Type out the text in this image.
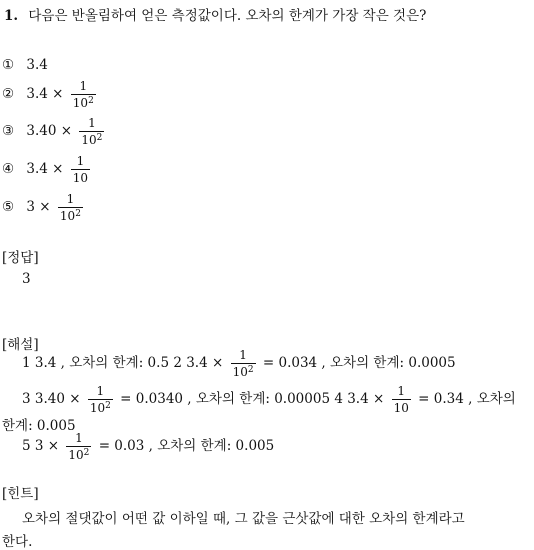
1. 다음은 반올림하여 얻은 측정값이다. 오차의 한계가 가장 작은 것은?
① 3.4
② $3.4 \times \frac{1}{10^2}$
③ $3.40 \times \frac{1}{10^2}$
④ $3.4 \times \frac{1}{10}$
⑤ $3 \times \frac{1}{10^2}$
[정답]
3
[해설]
1 3.4 , 오차의 한계: 0.5 2 $3.4 \times \frac{1}{10^2} = 0.034$ , 오차의 한계: 0.0005
3 $3.40 \times \frac{1}{10^2} = 0.0340$ , 오차의 한계: 0.00005 4 $3.4 \times \frac{1}{10} = 0.34$ , 오차의
한계: 0.005
5 $3 \times \frac{1}{10^2} = 0.03$ , 오차의 한계: 0.005
[힌트]
오차의 절댓값이 어떤 값 이하일 때, 그 값을 근삿값에 대한 오차의 한계라고
한다.
